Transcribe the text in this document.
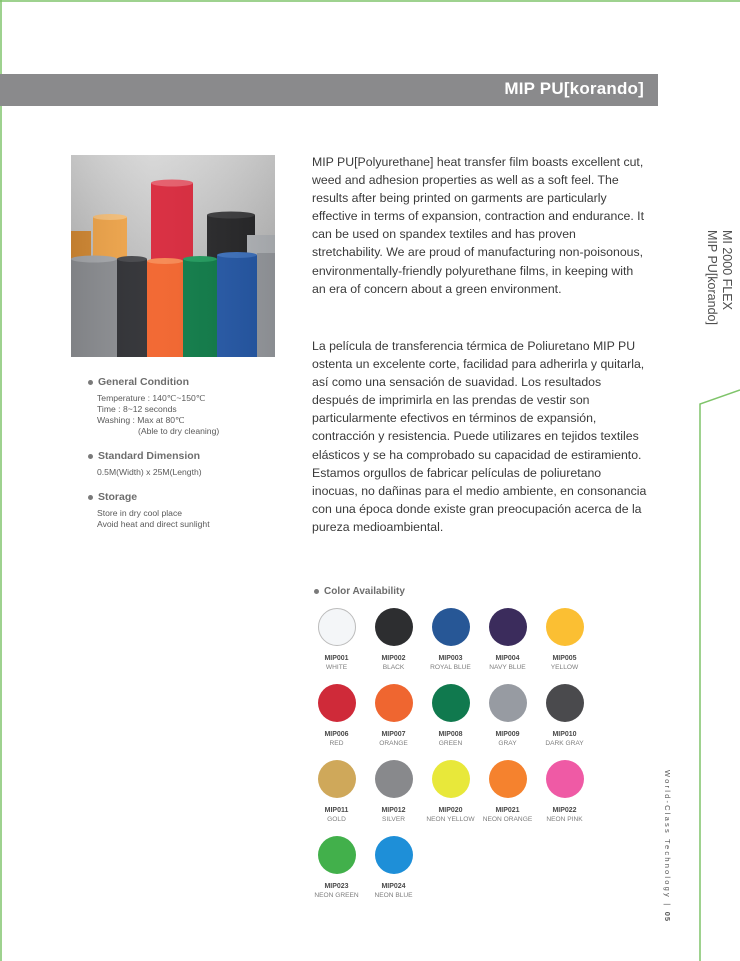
MIP PU[korando]
General Condition
Temperature : 140℃~150℃
Time : 8~12 seconds
Washing : Max at 80℃
(Able to dry cleaning)
Standard Dimension
0.5M(Width) x 25M(Length)
Storage
Store in dry cool place
Avoid heat and direct sunlight

MIP PU[Polyurethane] heat transfer film boasts excellent cut, weed and adhesion properties as well as a soft feel. The results after being printed on garments are particularly effective in terms of expansion, contraction and endurance. It can be used on spandex textiles and has proven stretchability. We are proud of manufacturing non-poisonous, environmentally-friendly polyurethane films, in keeping with an era of concern about a green environment.

La película de transferencia térmica de Poliuretano MIP PU ostenta un excelente corte, facilidad para adherirla y quitarla, así como una sensación de suavidad. Los resultados después de imprimirla en las prendas de vestir son particularmente efectivos en términos de expansión, contracción y resistencia. Puede utilizares en tejidos textiles elásticos y se ha comprobado su capacidad de estiramiento. Estamos orgullos de fabricar películas de poliuretano inocuas, no dañinas para el medio ambiente, en consonancia con una época donde existe gran preocupación acerca de la pureza medioambiental.

MI 2000 FLEX
MIP PU[korando]
World-Class Technology | 05
Color Availability
MIP001
WHITE
MIP002
BLACK
MIP003
ROYAL BLUE
MIP004
NAVY BLUE
MIP005
YELLOW
MIP006
RED
MIP007
ORANGE
MIP008
GREEN
MIP009
GRAY
MIP010
DARK GRAY
MIP011
GOLD
MIP012
SILVER
MIP020
NEON YELLOW
MIP021
NEON ORANGE
MIP022
NEON PINK
MIP023
NEON GREEN
MIP024
NEON BLUE
